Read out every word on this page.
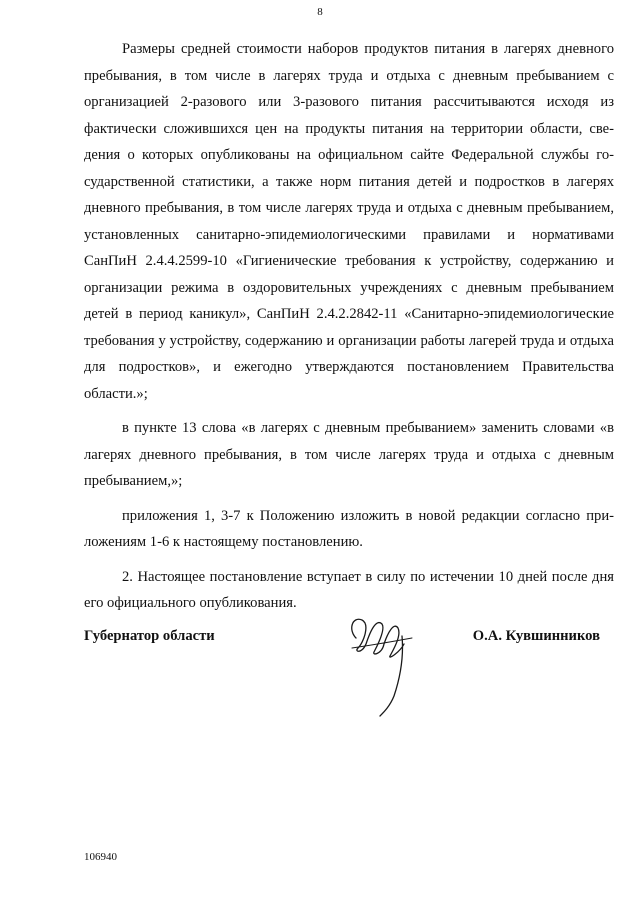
8

Размеры средней стоимости наборов продуктов питания в лагерях дневного пребывания, в том числе в лагерях труда и отдыха с дневным пребыванием с организацией 2-разового или 3-разового питания рассчитываются исходя из фактически сложившихся цен на продукты питания на территории области, сведения о которых опубликованы на официальном сайте Федеральной службы государственной статистики, а также норм питания детей и подростков в лагерях дневного пребывания, в том числе лагерях труда и отдыха с дневным пребыванием, установленных санитарно-эпидемиологическими правилами и нормативами СанПиН 2.4.4.2599-10 «Гигиенические требования к устройству, содержанию и организации режима в оздоровительных учреждениях с дневным пребыванием детей в период каникул», СанПиН 2.4.2.2842-11 «Санитарно-эпидемиологические требования у устройству, содержанию и организации работы лагерей труда и отдыха для подростков», и ежегодно утверждаются постановлением Правительства области.»;

в пункте 13 слова «в лагерях с дневным пребыванием» заменить словами «в лагерях дневного пребывания, в том числе лагерях труда и отдыха с дневным пребыванием,»;

приложения 1, 3-7 к Положению изложить в новой редакции согласно приложениям 1-6 к настоящему постановлению.

2. Настоящее постановление вступает в силу по истечении 10 дней после дня его официального опубликования.

Губернатор области	О.А. Кувшинников
106940
